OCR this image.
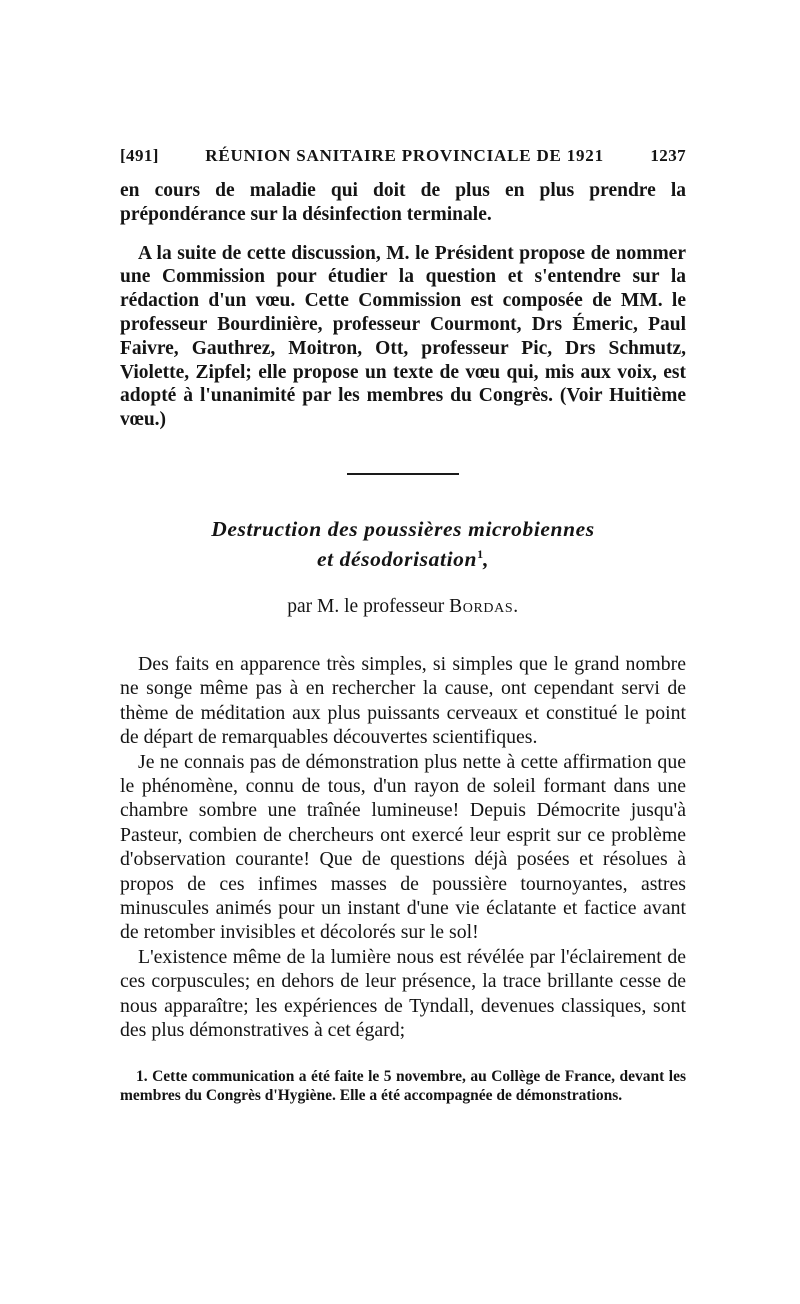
[491]	RÉUNION SANITAIRE PROVINCIALE DE 1921	1237

en cours de maladie qui doit de plus en plus prendre la prépondérance sur la désinfection terminale.

A la suite de cette discussion, M. le Président propose de nommer une Commission pour étudier la question et s'entendre sur la rédaction d'un vœu. Cette Commission est composée de MM. le professeur Bourdinière, professeur Courmont, Drs Émeric, Paul Faivre, Gauthrez, Moitron, Ott, professeur Pic, Drs Schmutz, Violette, Zipfel; elle propose un texte de vœu qui, mis aux voix, est adopté à l'unanimité par les membres du Congrès. (Voir Huitième vœu.)

Destruction des poussières microbiennes
et désodorisation$^1$,
par M. le professeur Bordas.

Des faits en apparence très simples, si simples que le grand nombre ne songe même pas à en rechercher la cause, ont cependant servi de thème de méditation aux plus puissants cerveaux et constitué le point de départ de remarquables découvertes scientifiques.

Je ne connais pas de démonstration plus nette à cette affirmation que le phénomène, connu de tous, d'un rayon de soleil formant dans une chambre sombre une traînée lumineuse! Depuis Démocrite jusqu'à Pasteur, combien de chercheurs ont exercé leur esprit sur ce problème d'observation courante! Que de questions déjà posées et résolues à propos de ces infimes masses de poussière tournoyantes, astres minuscules animés pour un instant d'une vie éclatante et factice avant de retomber invisibles et décolorés sur le sol!

L'existence même de la lumière nous est révélée par l'éclairement de ces corpuscules; en dehors de leur présence, la trace brillante cesse de nous apparaître; les expériences de Tyndall, devenues classiques, sont des plus démonstratives à cet égard;

1. Cette communication a été faite le 5 novembre, au Collège de France, devant les membres du Congrès d'Hygiène. Elle a été accompagnée de démonstrations.
